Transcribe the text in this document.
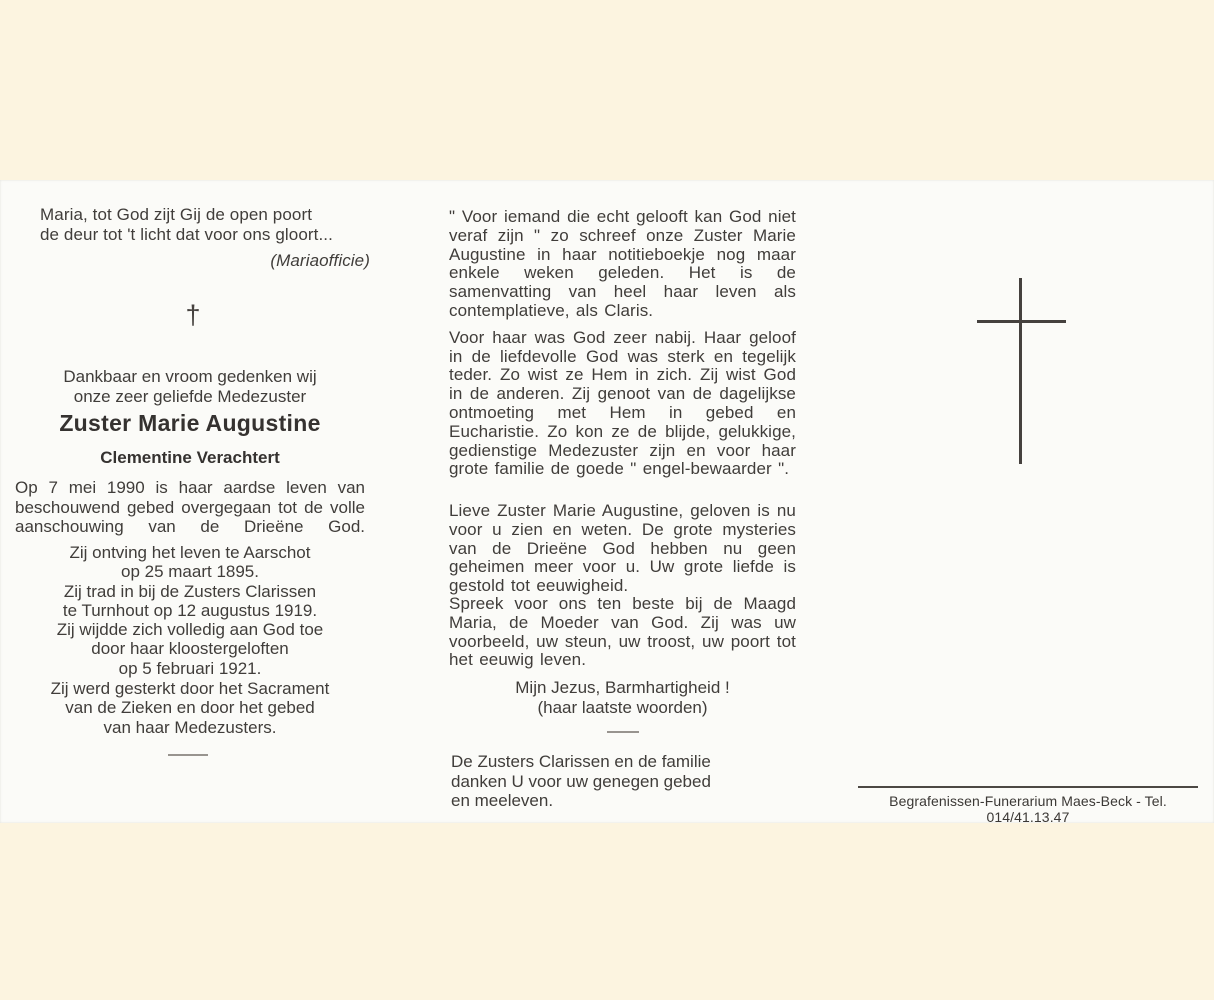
Maria, tot God zijt Gij de open poort
de deur tot 't licht dat voor ons gloort...
(Mariaofficie)
†
Dankbaar en vroom gedenken wij
onze zeer geliefde Medezuster
Zuster Marie Augustine
Clementine Verachtert
Op 7 mei 1990 is haar aardse leven van beschouwend gebed overgegaan tot de volle aanschouwing van de Drieëne God.
Zij ontving het leven te Aarschot
op 25 maart 1895.
Zij trad in bij de Zusters Clarissen
te Turnhout op 12 augustus 1919.
Zij wijdde zich volledig aan God toe
door haar kloostergeloften
op 5 februari 1921.
Zij werd gesterkt door het Sacrament
van de Zieken en door het gebed
van haar Medezusters.

" Voor iemand die echt gelooft kan God niet veraf zijn " zo schreef onze Zuster Marie Augustine in haar notitieboekje nog maar enkele weken geleden. Het is de samenvatting van heel haar leven als contemplatieve, als Claris.

Voor haar was God zeer nabij. Haar geloof in de liefdevolle God was sterk en tegelijk teder. Zo wist ze Hem in zich. Zij wist God in de anderen. Zij genoot van de dagelijkse ontmoeting met Hem in gebed en Eucharistie. Zo kon ze de blijde, gelukkige, gedienstige Medezuster zijn en voor haar grote familie de goede " engel-bewaarder ".

Lieve Zuster Marie Augustine, geloven is nu voor u zien en weten. De grote mysteries van de Drieëne God hebben nu geen geheimen meer voor u. Uw grote liefde is gestold tot eeuwigheid.

Spreek voor ons ten beste bij de Maagd Maria, de Moeder van God. Zij was uw voorbeeld, uw steun, uw troost, uw poort tot het eeuwig leven.

Mijn Jezus, Barmhartigheid !
(haar laatste woorden)
De Zusters Clarissen en de familie
danken U voor uw genegen gebed
en meeleven.	Begrafenissen-Funerarium Maes-Beck - Tel. 014/41.13.47
